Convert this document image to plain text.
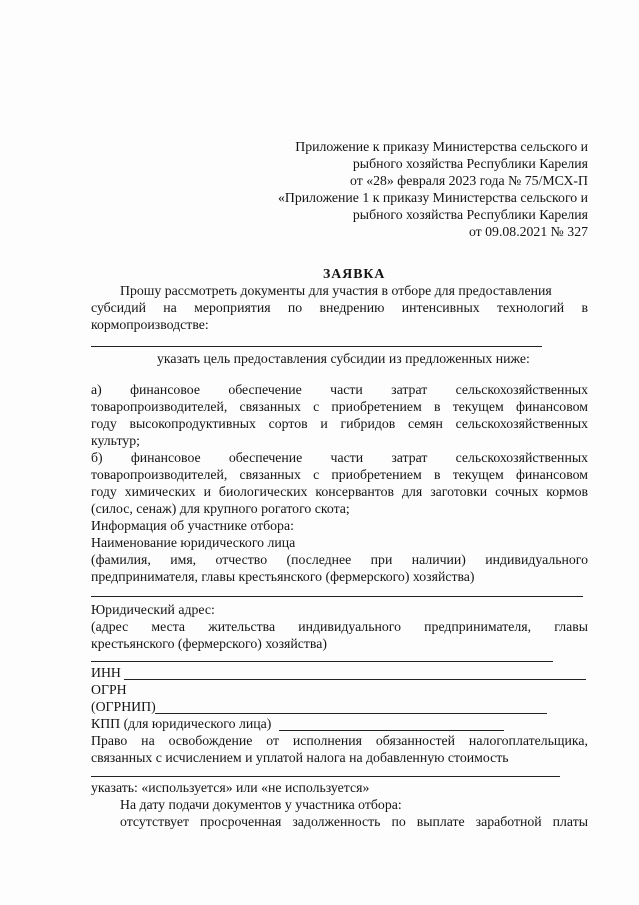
Приложение к приказу Министерства сельского и
рыбного хозяйства Республики Карелия
от «28» февраля 2023 года № 75/МСХ-П
«Приложение 1 к приказу Министерства сельского и
рыбного хозяйства Республики Карелия
от 09.08.2021 № 327
ЗАЯВКА
Прошу рассмотреть документы для участия в отборе для предоставления
субсидий на мероприятия по внедрению интенсивных технологий в
кормопроизводстве:
указать цель предоставления субсидии из предложенных ниже:
а) финансовое обеспечение части затрат сельскохозяйственных
товаропроизводителей, связанных с приобретением в текущем финансовом
году высокопродуктивных сортов и гибридов семян сельскохозяйственных
культур;
б) финансовое обеспечение части затрат сельскохозяйственных
товаропроизводителей, связанных с приобретением в текущем финансовом
году химических и биологических консервантов для заготовки сочных кормов
(силос, сенаж) для крупного рогатого скота;
Информация об участнике отбора:
Наименование юридического лица
(фамилия, имя, отчество (последнее при наличии) индивидуального
предпринимателя, главы крестьянского (фермерского) хозяйства)
Юридический адрес:
(адрес места жительства индивидуального предпринимателя, главы
крестьянского (фермерского) хозяйства)
ИНН
ОГРН
(ОГРНИП)
КПП (для юридического лица)
Право на освобождение от исполнения обязанностей налогоплательщика,
связанных с исчислением и уплатой налога на добавленную стоимость
указать: «используется» или «не используется»
На дату подачи документов у участника отбора:
отсутствует просроченная задолженность по выплате заработной платы
